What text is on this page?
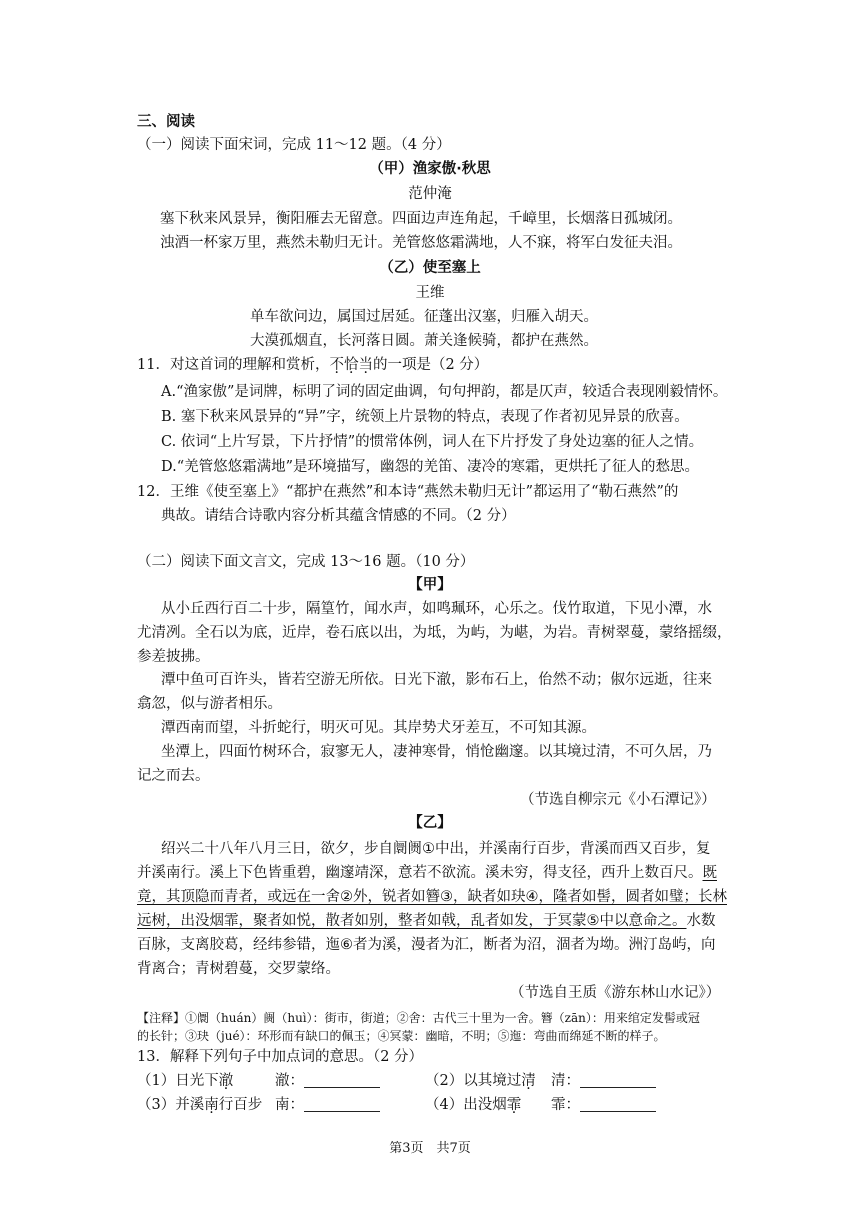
三、阅读
（一）阅读下面宋词，完成 11～12 题。（4 分）
（甲）渔家傲·秋思
范仲淹
塞下秋来风景异，衡阳雁去无留意。四面边声连角起，千嶂里，长烟落日孤城闭。
浊酒一杯家万里，燕然未勒归无计。羌管悠悠霜满地，人不寐，将军白发征夫泪。
（乙）使至塞上
王维
单车欲问边，属国过居延。征蓬出汉塞，归雁入胡天。
大漠孤烟直，长河落日圆。萧关逢候骑，都护在燕然。
11．对这首词的理解和赏析，不恰当的一项是（2 分）
A.“渔家傲”是词牌，标明了词的固定曲调，句句押韵，都是仄声，较适合表现刚毅情怀。
B. 塞下秋来风景异的“异”字，统领上片景物的特点，表现了作者初见异景的欣喜。
C. 依词“上片写景，下片抒情”的惯常体例，词人在下片抒发了身处边塞的征人之情。
D.“羌管悠悠霜满地”是环境描写，幽怨的羌笛、凄冷的寒霜，更烘托了征人的愁思。
12．王维《使至塞上》“都护在燕然”和本诗“燕然未勒归无计”都运用了“勒石燕然”的
典故。请结合诗歌内容分析其蕴含情感的不同。（2 分）
（二）阅读下面文言文，完成 13～16 题。（10 分）
【甲】
从小丘西行百二十步，隔篁竹，闻水声，如鸣珮环，心乐之。伐竹取道，下见小潭，水
尤清冽。全石以为底，近岸，卷石底以出，为坻，为屿，为嵁，为岩。青树翠蔓，蒙络摇缀，
参差披拂。
潭中鱼可百许头，皆若空游无所依。日光下澈，影布石上，佁然不动；俶尔远逝，往来
翕忽，似与游者相乐。
潭西南而望，斗折蛇行，明灭可见。其岸势犬牙差互，不可知其源。
坐潭上，四面竹树环合，寂寥无人，凄神寒骨，悄怆幽邃。以其境过清，不可久居，乃
记之而去。
（节选自柳宗元《小石潭记》）
【乙】
绍兴二十八年八月三日，欲夕，步自阛阓①中出，并溪南行百步，背溪而西又百步，复
并溪南行。溪上下色皆重碧，幽邃靖深，意若不欲流。溪未穷，得支径，西升上数百尺。既
竟，其顶隐而青者，或远在一舍②外，锐者如簪③，缺者如玦④，隆者如髻，圆者如璧；长林
远树，出没烟霏，聚者如悦，散者如别，整者如戟，乱者如发，于冥蒙⑤中以意命之。水数
百脉，支离胶葛，经纬参错，迤⑥者为溪，漫者为汇，断者为沼，涸者为坳。洲汀岛屿，向
背离合；青树碧蔓，交罗蒙络。
（节选自王质《游东林山水记》）
【注释】①阛（huán）阓（huì）：街市，街道；②舍：古代三十里为一舍。簪（zān）：用来绾定发髻或冠
的长针；③玦（jué）：环形而有缺口的佩玉；④冥蒙：幽暗，不明；⑤迤：弯曲而绵延不断的样子。
13．解释下列句子中加点词的意思。（2 分）
（1）日光下澈	澈：	（2）以其境过清 清：
（3）并溪南行百步 南：	（4）出没烟霏 霏：
第3页　共7页
